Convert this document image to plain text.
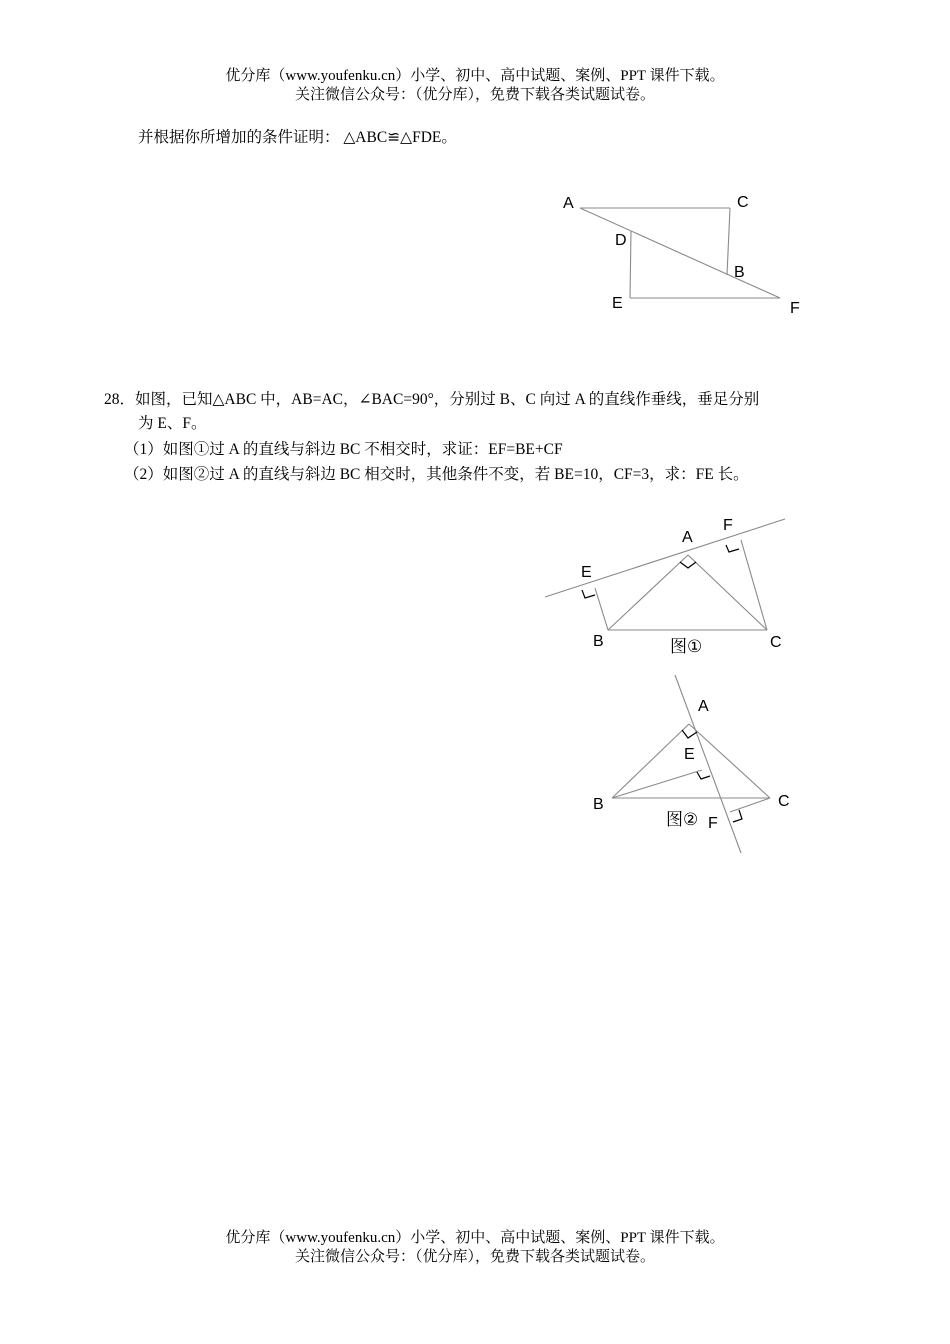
优分库（www.youfenku.cn）小学、初中、高中试题、案例、PPT 课件下载。
关注微信公众号：（优分库），免费下载各类试题试卷。
并根据你所增加的条件证明： △ABC≌△FDE。
A	C
D
B
E	F
28．如图，已知△ABC 中，AB=AC，∠BAC=90°，分别过 B、C 向过 A 的直线作垂线，垂足分别
为 E、F。
（1）如图①过 A 的直线与斜边 BC 不相交时，求证：EF=BE+CF
（2）如图②过 A 的直线与斜边 BC 相交时，其他条件不变，若 BE=10，CF=3，求：FE 长。
A
F
E
B	C
图①
A
E
B	C
F
图②
优分库（www.youfenku.cn）小学、初中、高中试题、案例、PPT 课件下载。
关注微信公众号：（优分库），免费下载各类试题试卷。
